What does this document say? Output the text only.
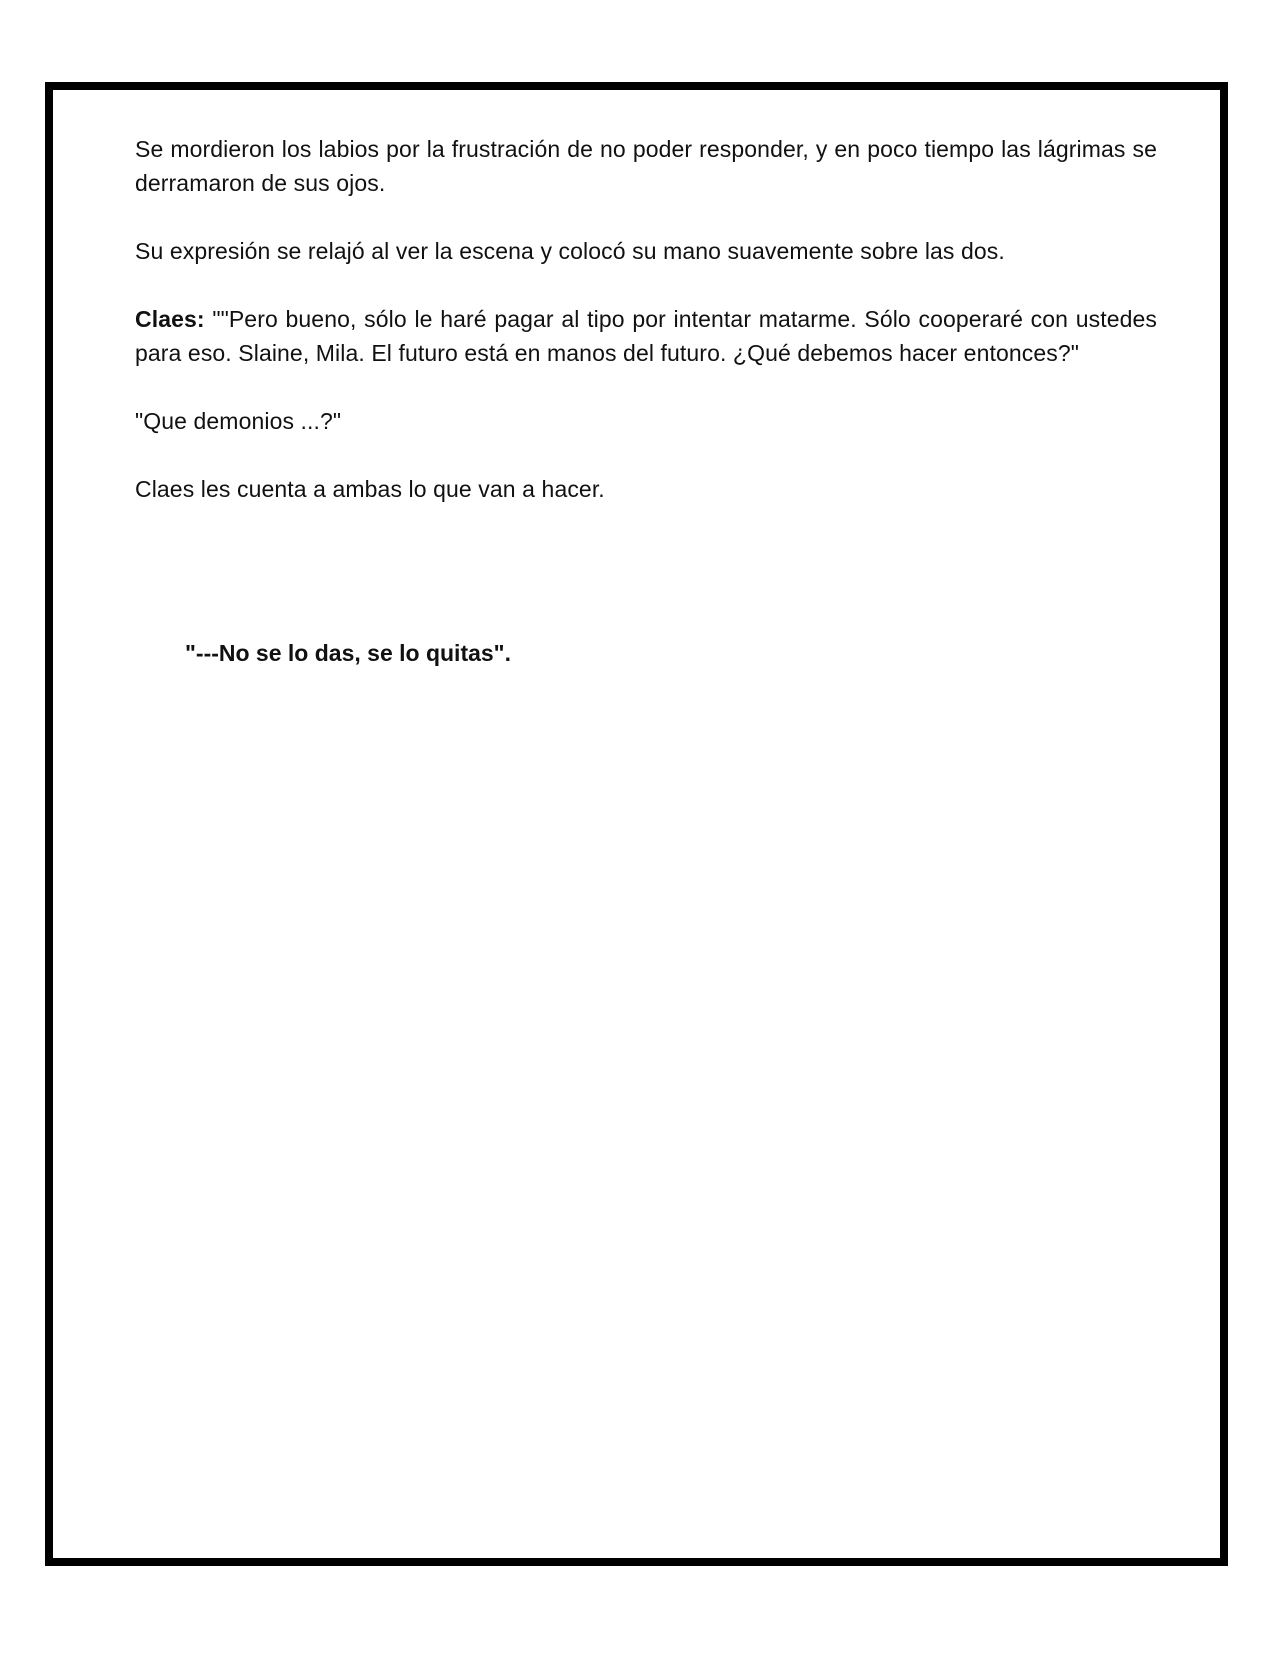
Se mordieron los labios por la frustración de no poder responder, y en poco tiempo las lágrimas se derramaron de sus ojos.

Su expresión se relajó al ver la escena y colocó su mano suavemente sobre las dos.

Claes: ""Pero bueno, sólo le haré pagar al tipo por intentar matarme. Sólo cooperaré con ustedes para eso. Slaine, Mila. El futuro está en manos del futuro. ¿Qué debemos hacer entonces?"

"Que demonios ...?"

Claes les cuenta a ambas lo que van a hacer.

"---No se lo das, se lo quitas".
